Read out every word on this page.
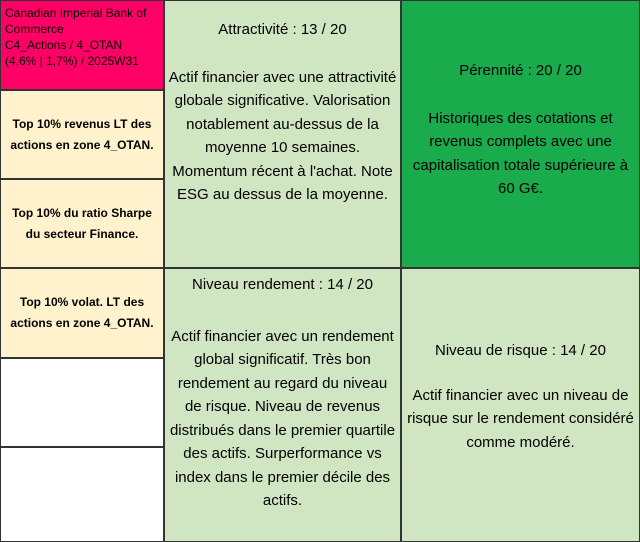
Canadian Imperial Bank of
Commerce
C4_Actions / 4_OTAN
(4,6% | 1,7%) / 2025W31
Top 10% revenus LT des actions en zone 4_OTAN.
Top 10% du ratio Sharpe du secteur Finance.
Top 10% volat. LT des actions en zone 4_OTAN.
Attractivité : 13 / 20
Actif financier avec une attractivité globale significative. Valorisation notablement au-dessus de la moyenne 10 semaines. Momentum récent à l'achat. Note ESG au dessus de la moyenne.
Pérennité : 20 / 20
Historiques des cotations et revenus complets avec une capitalisation totale supérieure à 60 G€.
Niveau rendement : 14 / 20
Actif financier avec un rendement global significatif. Très bon rendement au regard du niveau de risque. Niveau de revenus distribués dans le premier quartile des actifs. Surperformance vs index dans le premier décile des actifs.
Niveau de risque : 14 / 20
Actif financier avec un niveau de risque sur le rendement considéré comme modéré.
